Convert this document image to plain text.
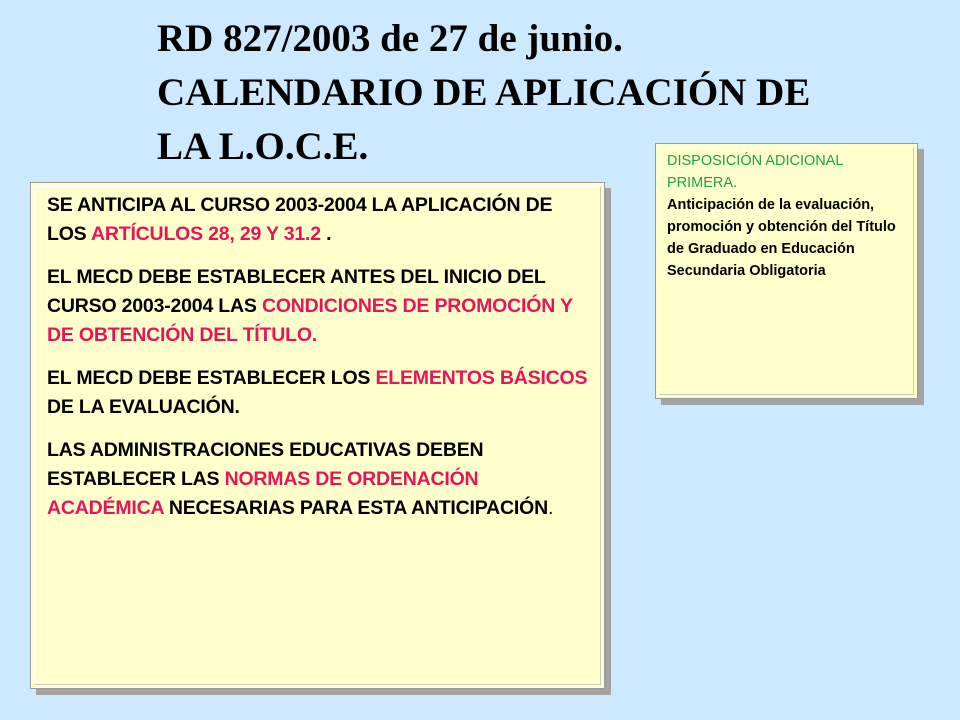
RD 827/2003 de 27 de junio.
CALENDARIO DE APLICACIÓN DE
LA L.O.C.E.

SE ANTICIPA AL CURSO 2003-2004 LA APLICACIÓN DE LOS ARTÍCULOS 28, 29 Y 31.2 .

EL MECD DEBE ESTABLECER ANTES DEL INICIO DEL CURSO 2003-2004 LAS CONDICIONES DE PROMOCIÓN Y DE OBTENCIÓN DEL TÍTULO.

EL MECD DEBE ESTABLECER LOS ELEMENTOS BÁSICOS DE LA EVALUACIÓN.

LAS ADMINISTRACIONES EDUCATIVAS DEBEN ESTABLECER LAS NORMAS DE ORDENACIÓN ACADÉMICA NECESARIAS PARA ESTA ANTICIPACIÓN.

DISPOSICIÓN ADICIONAL PRIMERA.
Anticipación de la evaluación, promoción y obtención del Título de Graduado en Educación Secundaria Obligatoria
